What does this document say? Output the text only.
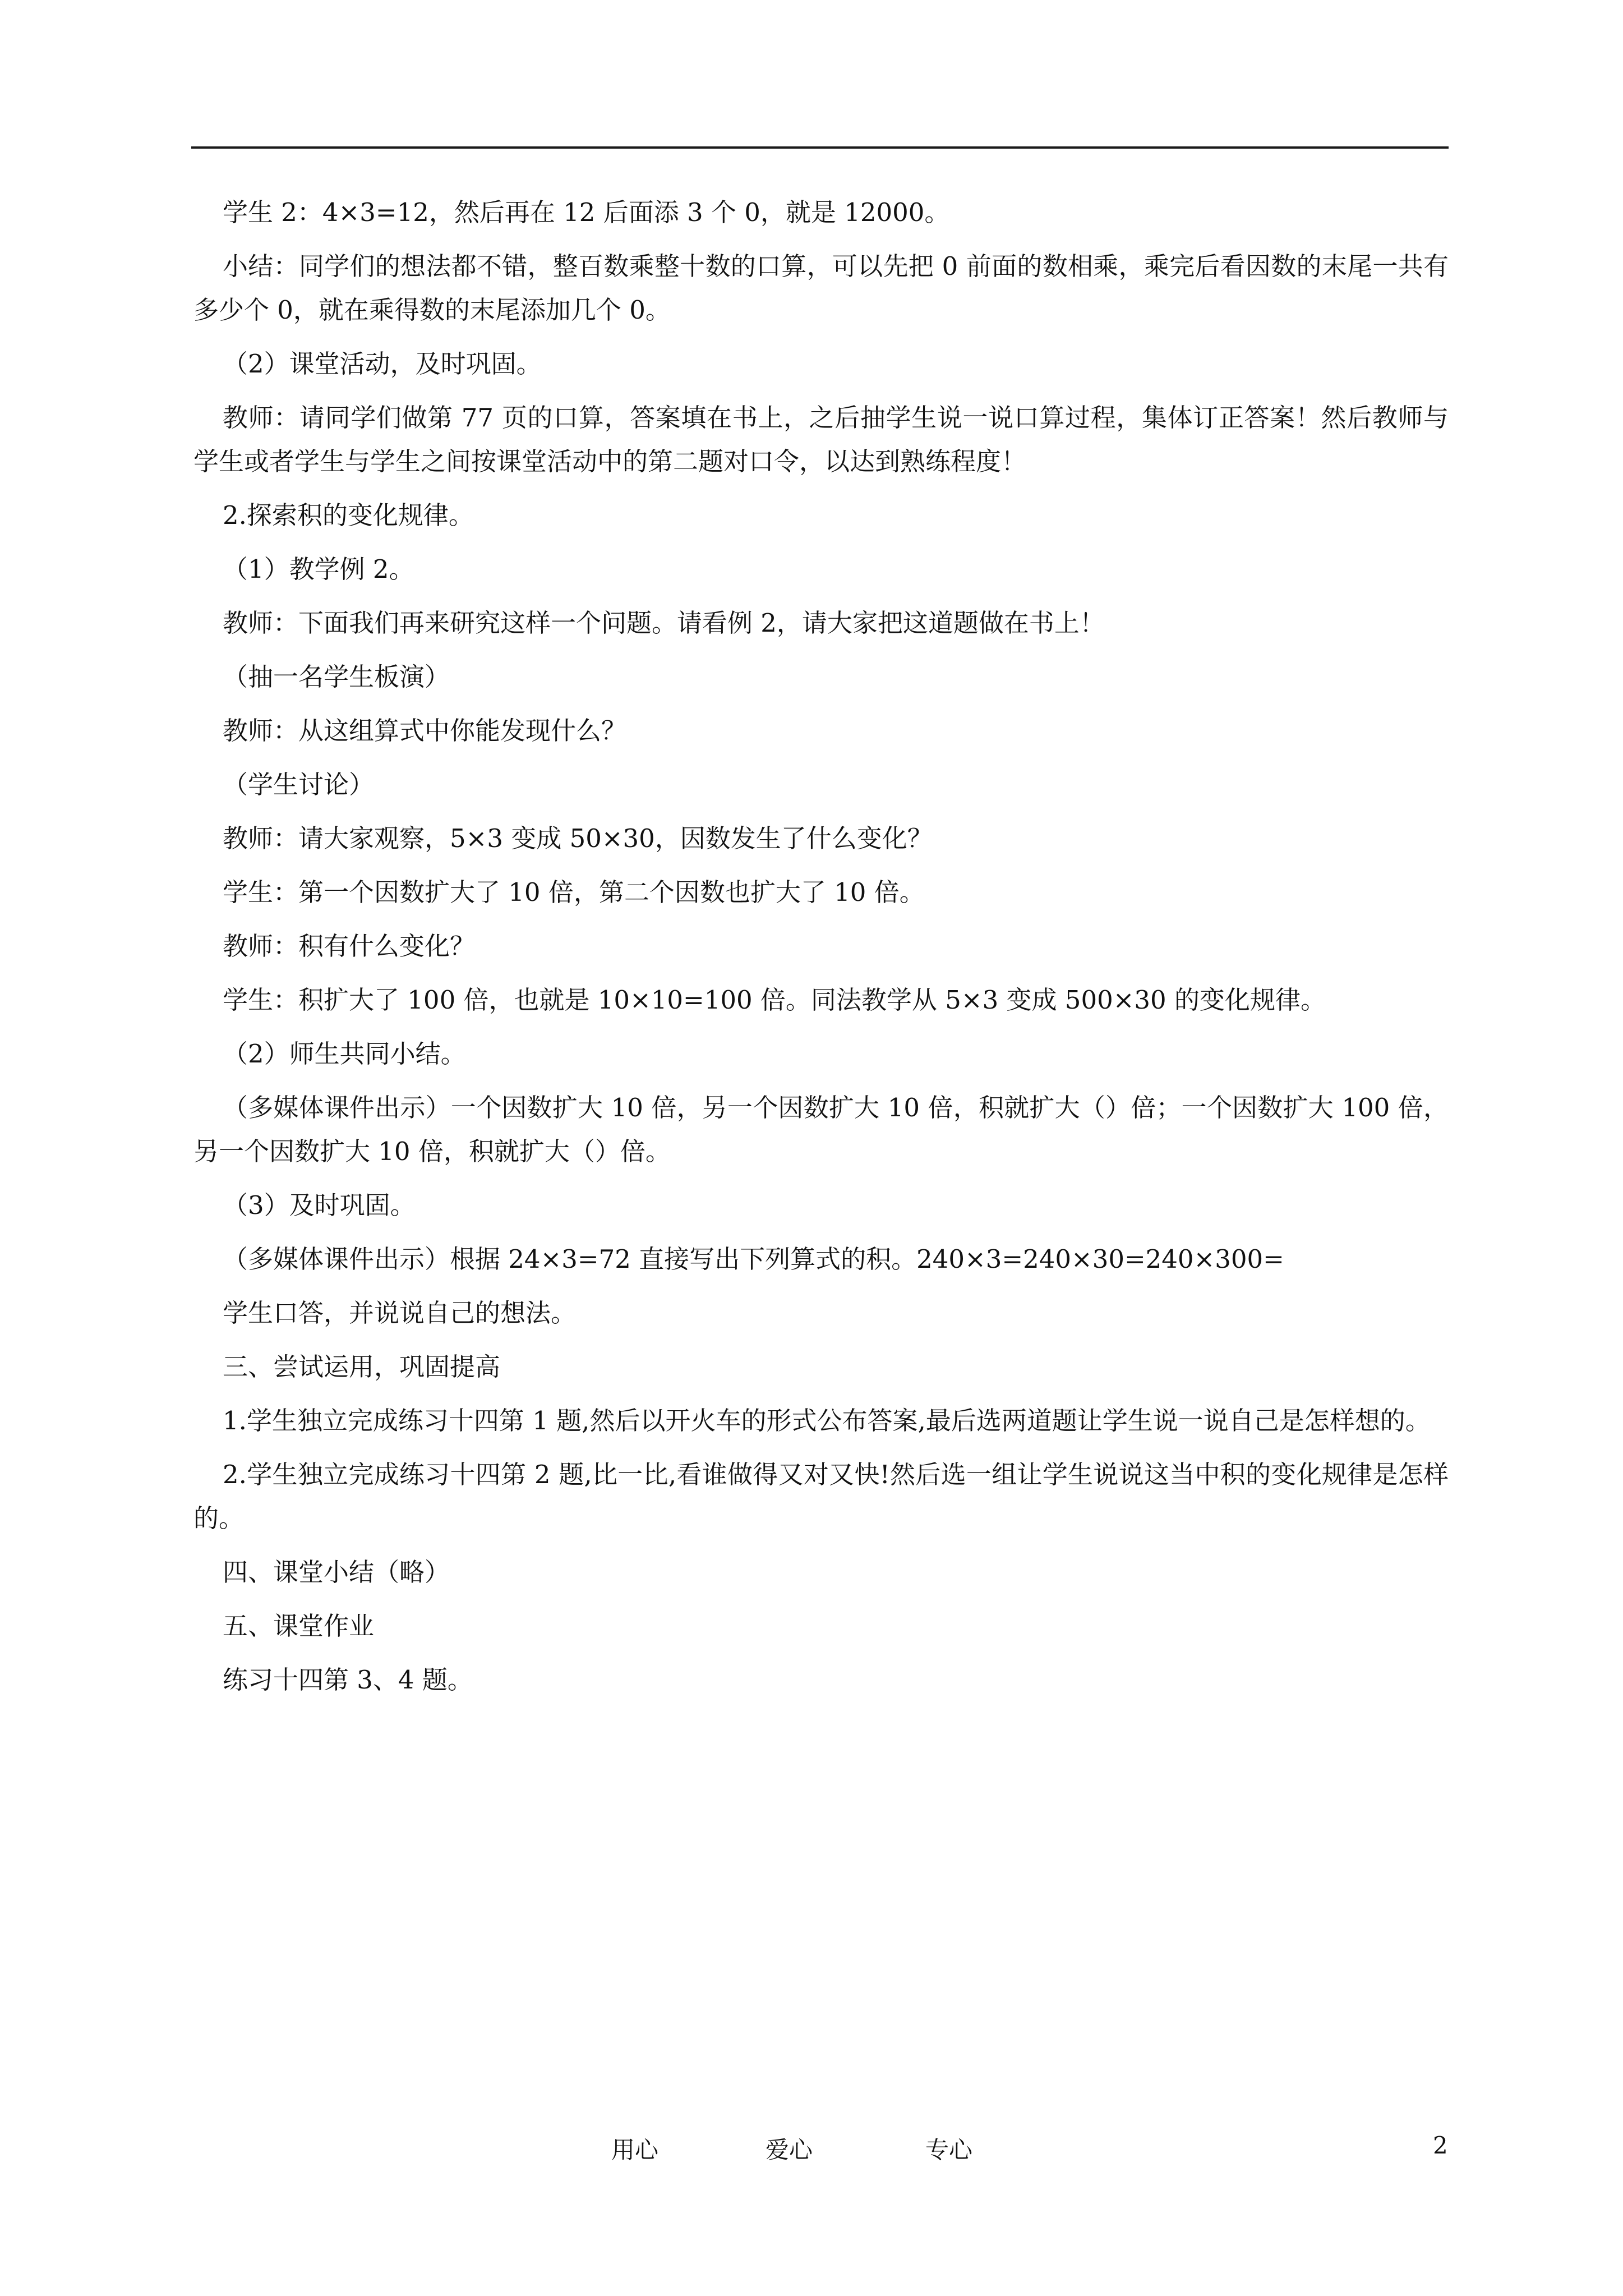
学生 2：4×3=12，然后再在 12 后面添 3 个 0，就是 12000。

小结：同学们的想法都不错，整百数乘整十数的口算，可以先把 0 前面的数相乘，乘完后看因数的末尾一共有多少个 0，就在乘得数的末尾添加几个 0。

（2）课堂活动，及时巩固。

教师：请同学们做第 77 页的口算，答案填在书上，之后抽学生说一说口算过程，集体订正答案！然后教师与学生或者学生与学生之间按课堂活动中的第二题对口令，以达到熟练程度！

2.探索积的变化规律。

（1）教学例 2。

教师：下面我们再来研究这样一个问题。请看例 2，请大家把这道题做在书上！

（抽一名学生板演）

教师：从这组算式中你能发现什么？

（学生讨论）

教师：请大家观察，5×3 变成 50×30，因数发生了什么变化？

学生：第一个因数扩大了 10 倍，第二个因数也扩大了 10 倍。

教师：积有什么变化？

学生：积扩大了 100 倍，也就是 10×10=100 倍。同法教学从 5×3 变成 500×30 的变化规律。

（2）师生共同小结。

（多媒体课件出示）一个因数扩大 10 倍，另一个因数扩大 10 倍，积就扩大（）倍；一个因数扩大 100 倍，另一个因数扩大 10 倍，积就扩大（）倍。

（3）及时巩固。

（多媒体课件出示）根据 24×3=72 直接写出下列算式的积。240×3=240×30=240×300=

学生口答，并说说自己的想法。

三、尝试运用，巩固提高

1.学生独立完成练习十四第 1 题,然后以开火车的形式公布答案,最后选两道题让学生说一说自己是怎样想的。

2.学生独立完成练习十四第 2 题,比一比,看谁做得又对又快!然后选一组让学生说说这当中积的变化规律是怎样的。

四、课堂小结（略）

五、课堂作业

练习十四第 3、4 题。

用心	爱心	专心	2
